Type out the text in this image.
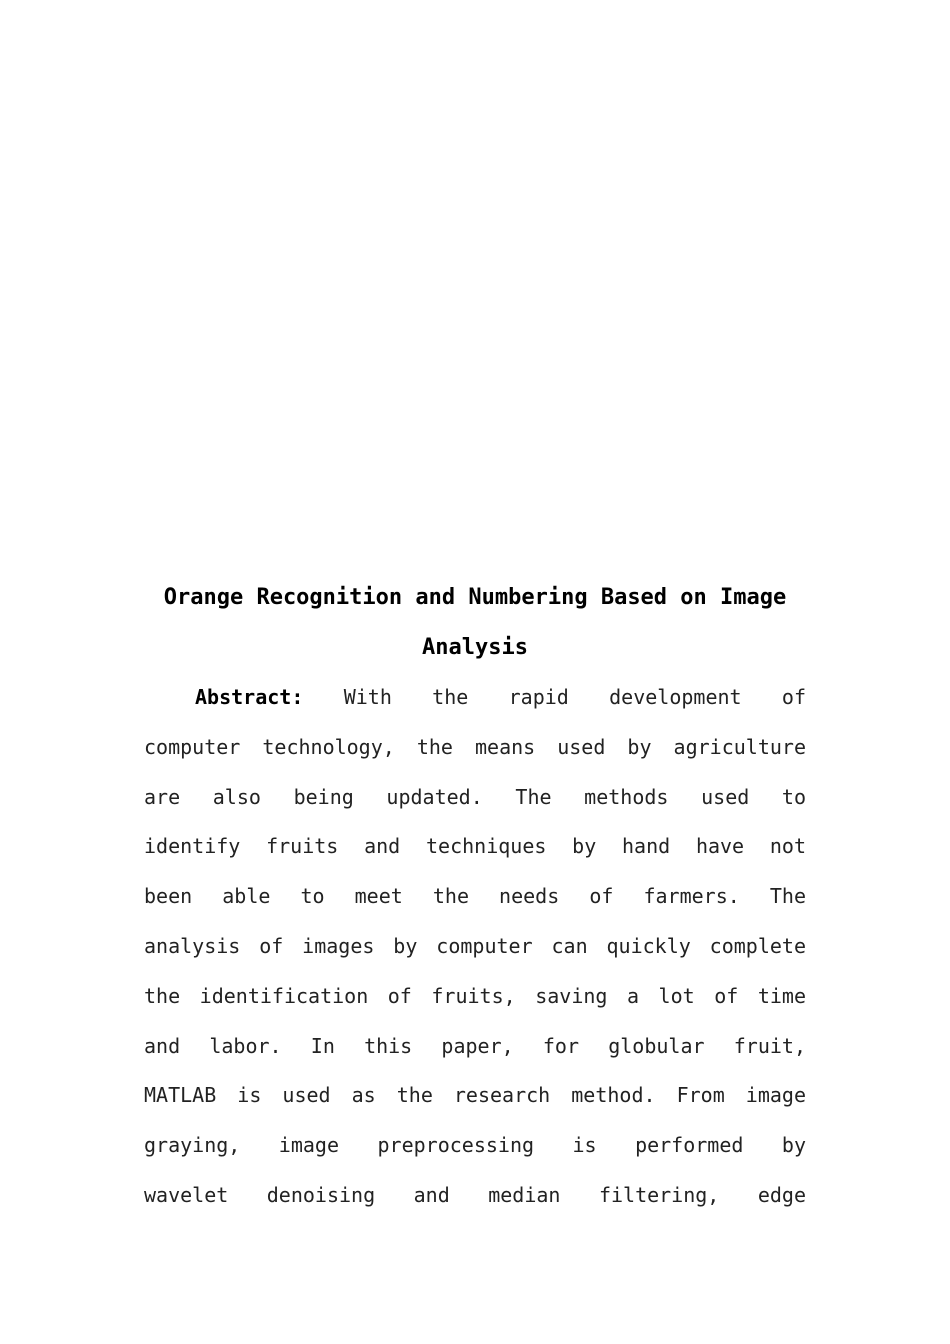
Orange Recognition and Numbering Based on Image
Analysis
Abstract: With the rapid development of
computer technology, the means used by agriculture
are also being updated. The methods used to
identify fruits and techniques by hand have not
been able to meet the needs of farmers. The
analysis of images by computer can quickly complete
the identification of fruits, saving a lot of time
and labor. In this paper, for globular fruit,
MATLAB is used as the research method. From image
graying, image preprocessing is performed by
wavelet denoising and median filtering, edge
